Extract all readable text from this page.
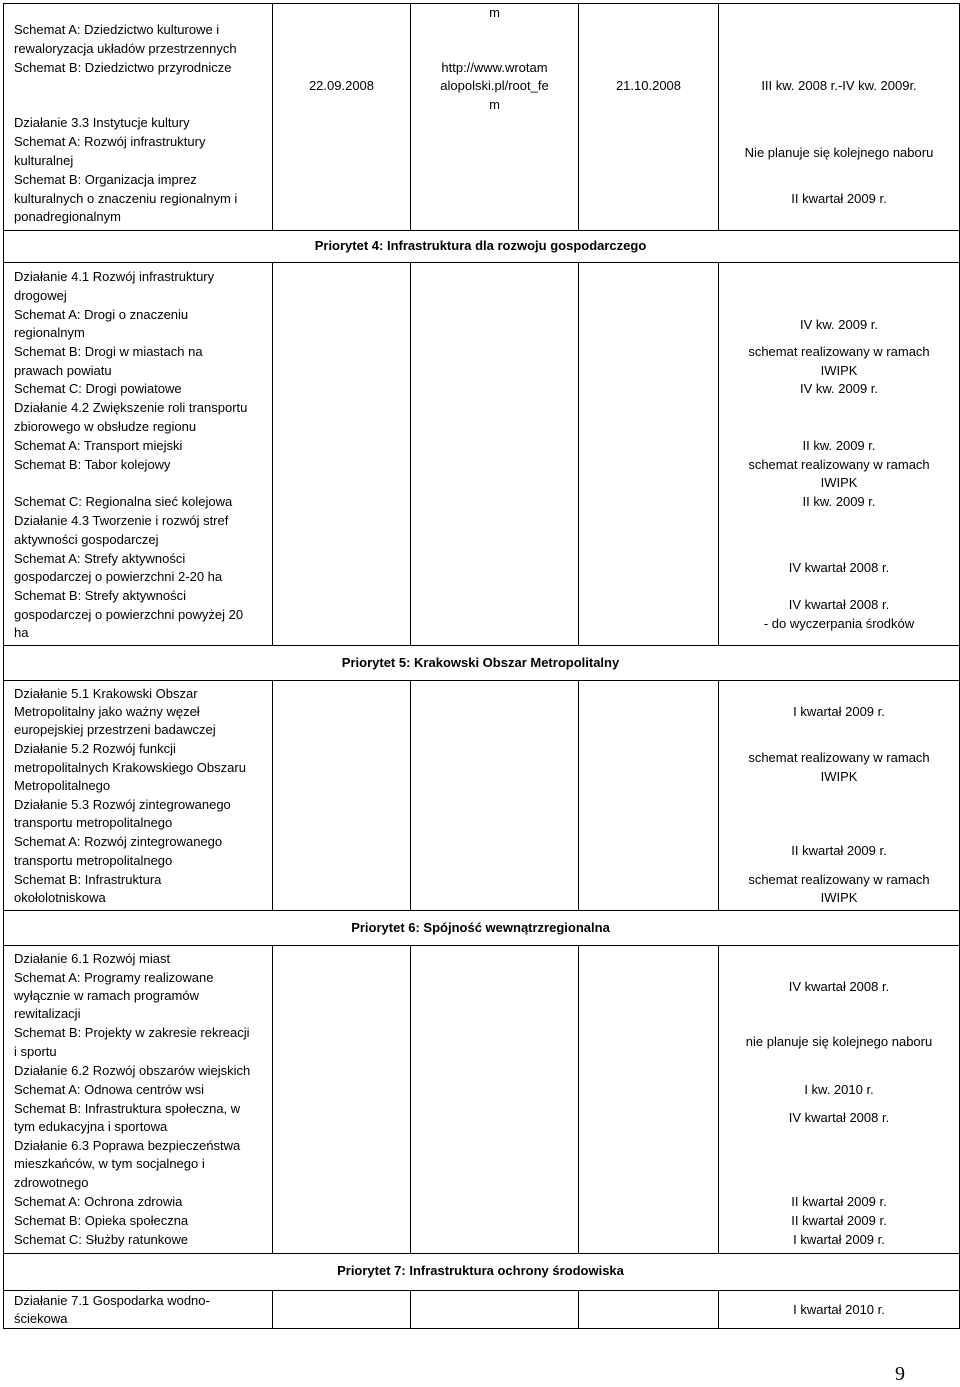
Schemat A: Dziedzictwo kulturowe i
rewaloryzacja układów przestrzennych
Schemat B: Dziedzictwo przyrodnicze
Działanie 3.3 Instytucje kultury
Schemat A: Rozwój infrastruktury
kulturalnej
Schemat B: Organizacja imprez
kulturalnych o znaczeniu regionalnym i
ponadregionalnym
Działanie 4.1 Rozwój infrastruktury
drogowej
Schemat A: Drogi o znaczeniu
regionalnym
Schemat B: Drogi w miastach na
prawach powiatu
Schemat C: Drogi powiatowe
Działanie 4.2 Zwiększenie roli transportu
zbiorowego w obsłudze regionu
Schemat A: Transport miejski
Schemat B: Tabor kolejowy
Schemat C: Regionalna sieć kolejowa
Działanie 4.3 Tworzenie i rozwój stref
aktywności gospodarczej
Schemat A: Strefy aktywności
gospodarczej o powierzchni 2-20 ha
Schemat B: Strefy aktywności
gospodarczej o powierzchni powyżej 20
ha
Działanie 5.1 Krakowski Obszar
Metropolitalny jako ważny węzeł
europejskiej przestrzeni badawczej
Działanie 5.2 Rozwój funkcji
metropolitalnych Krakowskiego Obszaru
Metropolitalnego
Działanie 5.3 Rozwój zintegrowanego
transportu metropolitalnego
Schemat A: Rozwój zintegrowanego
transportu metropolitalnego
Schemat B: Infrastruktura
okołolotniskowa
Działanie 6.1 Rozwój miast
Schemat A: Programy realizowane
wyłącznie w ramach programów
rewitalizacji
Schemat B: Projekty w zakresie rekreacji
i sportu
Działanie 6.2 Rozwój obszarów wiejskich
Schemat A: Odnowa centrów wsi
Schemat B: Infrastruktura społeczna, w
tym edukacyjna i sportowa
Działanie 6.3 Poprawa bezpieczeństwa
mieszkańców, w tym socjalnego i
zdrowotnego
Schemat A: Ochrona zdrowia
Schemat B: Opieka społeczna
Schemat C: Służby ratunkowe
Działanie 7.1 Gospodarka wodno-
ściekowa
m
22.09.2008
http://www.wrotam
alopolski.pl/root_fe
m
21.10.2008	III kw. 2008 r.-IV kw. 2009r.
Priorytet 4: Infrastruktura dla rozwoju gospodarczego
Priorytet 5: Krakowski Obszar Metropolitalny
Priorytet 6: Spójność wewnątrzregionalna
Priorytet 7: Infrastruktura ochrony środowiska
Nie planuje się kolejnego naboru
II kwartał 2009 r.
IV kw. 2009 r.
schemat realizowany w ramach
IWIPK
IV kw. 2009 r.
II kw. 2009 r.
schemat realizowany w ramach
IWIPK
II kw. 2009 r.
IV kwartał 2008 r.
IV kwartał 2008 r.
- do wyczerpania środków
I kwartał 2009 r.
schemat realizowany w ramach
IWIPK
II kwartał 2009 r.
schemat realizowany w ramach
IWIPK
IV kwartał 2008 r.
nie planuje się kolejnego naboru
I kw. 2010 r.
IV kwartał 2008 r.
II kwartał 2009 r.
II kwartał 2009 r.
I kwartał 2009 r.
I kwartał 2010 r.
9
